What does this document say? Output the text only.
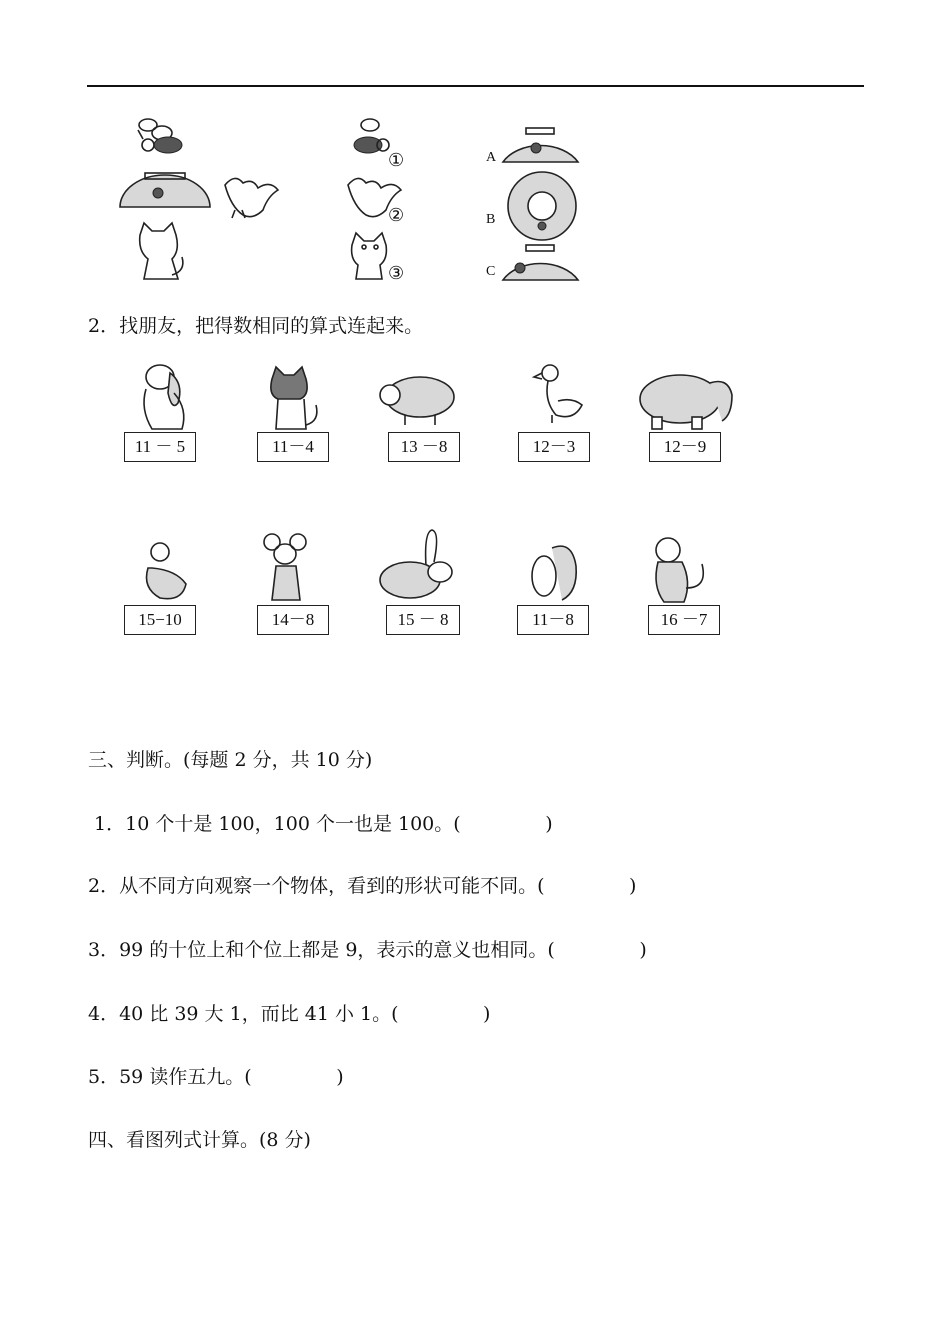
①
②
③
A
B
C
2．找朋友，把得数相同的算式连起来。
11 － 5	11－4	13 －8	12－3	12－9
15−10	14－8	15 － 8	11－8	16 －7
三、判断。(每题 2 分，共 10 分)
1．10 个十是 100，100 个一也是 100。(              )
2．从不同方向观察一个物体，看到的形状可能不同。(              )
3．99 的十位上和个位上都是 9，表示的意义也相同。(              )
4．40 比 39 大 1，而比 41 小 1。(              )
5．59 读作五九。(              )
四、看图列式计算。(8 分)
